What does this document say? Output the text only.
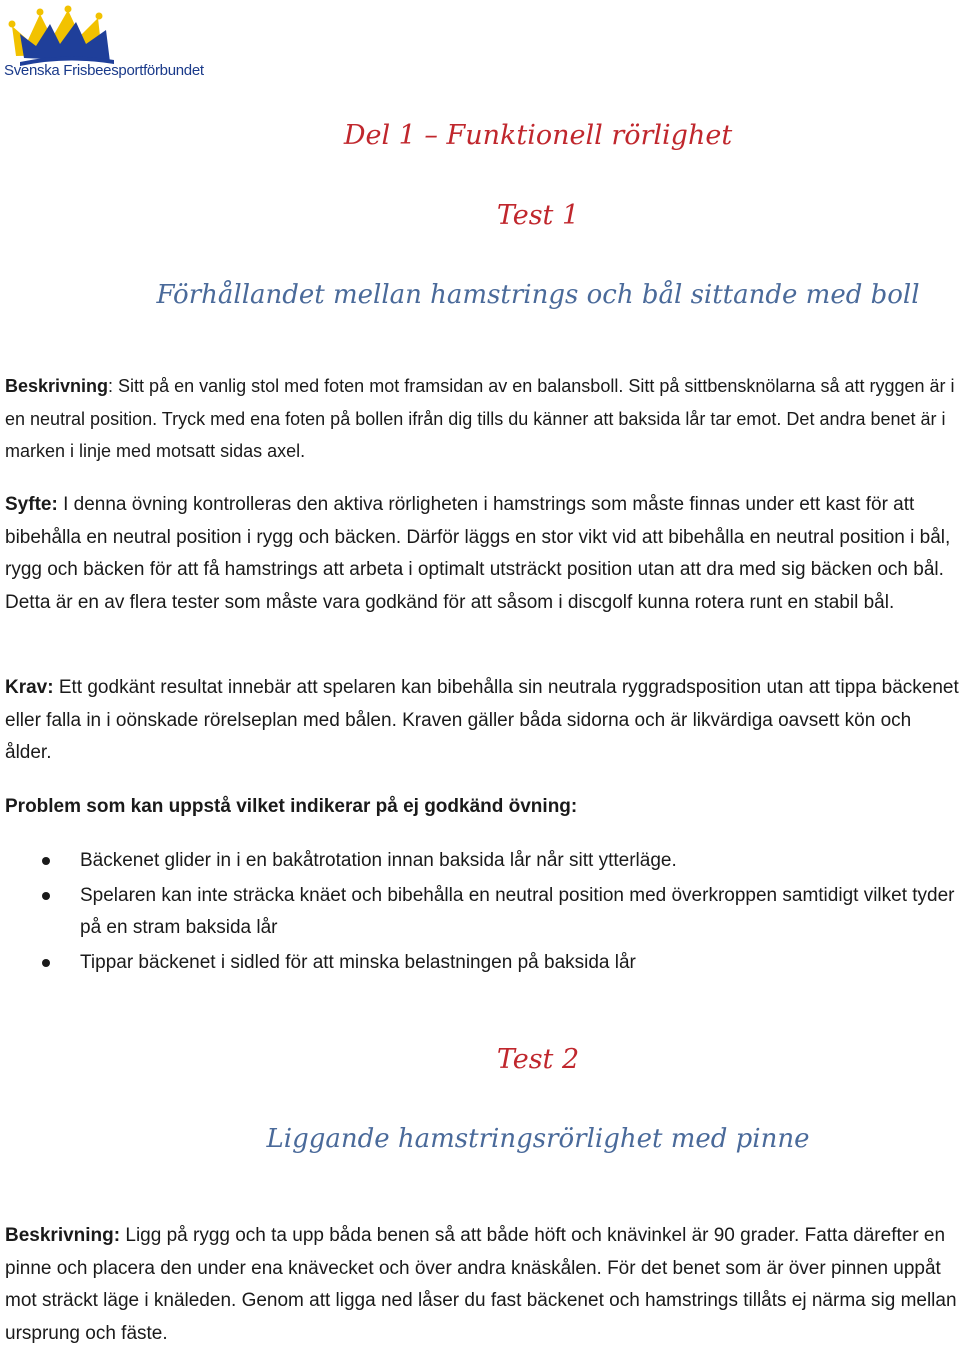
Svenska Frisbeesportförbundet
Del 1 – Funktionell rörlighet
Test 1
Förhållandet mellan hamstrings och bål sittande med boll

Beskrivning: Sitt på en vanlig stol med foten mot framsidan av en balansboll. Sitt på sittbensknölarna så att ryggen är i en neutral position. Tryck med ena foten på bollen ifrån dig tills du känner att baksida lår tar emot. Det andra benet är i marken i linje med motsatt sidas axel.

Syfte: I denna övning kontrolleras den aktiva rörligheten i hamstrings som måste finnas under ett kast för att bibehålla en neutral position i rygg och bäcken. Därför läggs en stor vikt vid att bibehålla en neutral position i bål, rygg och bäcken för att få hamstrings att arbeta i optimalt utsträckt position utan att dra med sig bäcken och bål. Detta är en av flera tester som måste vara godkänd för att såsom i discgolf kunna rotera runt en stabil bål.

Krav: Ett godkänt resultat innebär att spelaren kan bibehålla sin neutrala ryggradsposition utan att tippa bäckenet eller falla in i oönskade rörelseplan med bålen. Kraven gäller båda sidorna och är likvärdiga oavsett kön och ålder.

Problem som kan uppstå vilket indikerar på ej godkänd övning:

Bäckenet glider in i en bakåtrotation innan baksida lår når sitt ytterläge.
Spelaren kan inte sträcka knäet och bibehålla en neutral position med överkroppen samtidigt vilket tyder på en stram baksida lår
Tippar bäckenet i sidled för att minska belastningen på baksida lår
Test 2
Liggande hamstringsrörlighet med pinne

Beskrivning: Ligg på rygg och ta upp båda benen så att både höft och knävinkel är 90 grader. Fatta därefter en pinne och placera den under ena knävecket och över andra knäskålen. För det benet som är över pinnen uppåt mot sträckt läge i knäleden. Genom att ligga ned låser du fast bäckenet och hamstrings tillåts ej närma sig mellan ursprung och fäste.
